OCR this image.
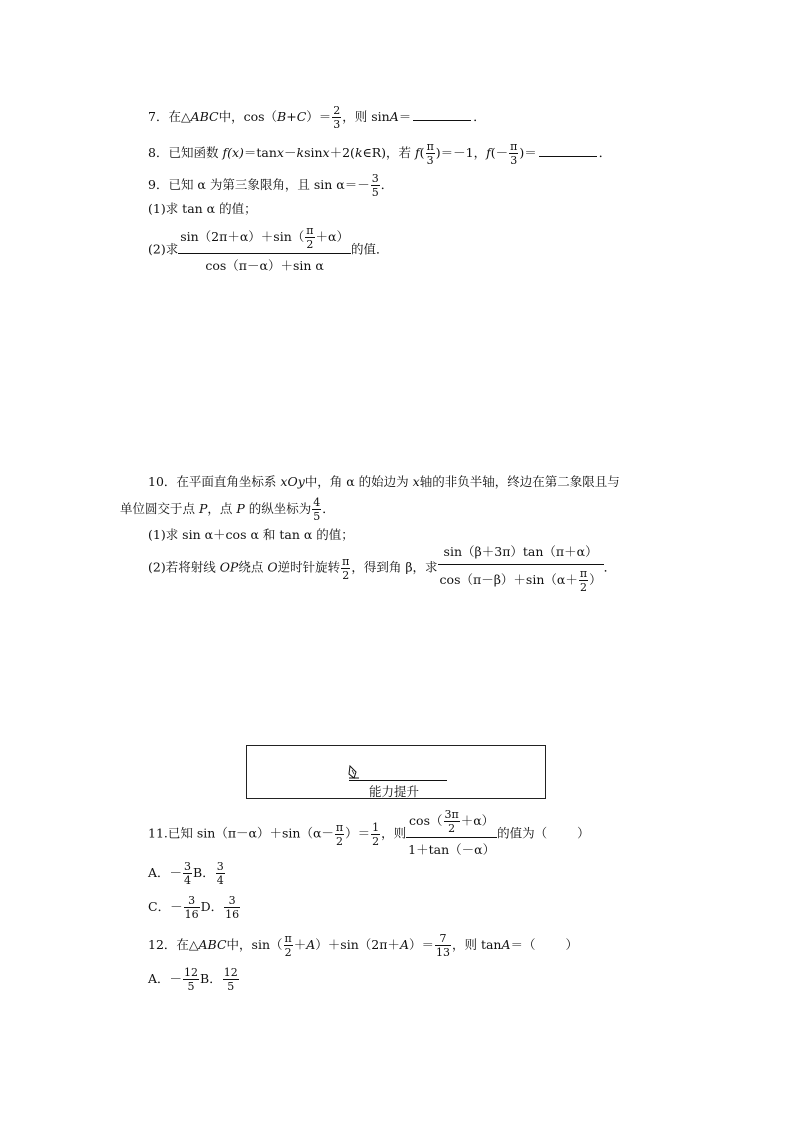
7．在△ABC中，$\cos(B+C)= \frac{2}{3}$ ，则 sinA＝	．
8．已知函数 f(x)＝tanx－ksinx＋2(k∈R)，若 $f( \frac{\pi}{3} )=-1$，$f(- \frac{\pi}{3}$ )＝	．
9．已知 α 为第三象限角，且 $\sin \alpha=- \frac{3}{5}$ ．
(1)求 tan α 的值；
(2)求 $\frac{\sin(2\pi+\alpha)+\sin( \frac{\pi}{2} +\alpha)}{\text{cos（π－α）＋sin α}}$ 的值．
10．在平面直角坐标系 xOy中，角 α 的始边为 x轴的非负半轴，终边在第二象限且与
单位圆交于点 P，点 P 的纵坐标为 $\frac{4}{5}$ ．
(1)求 sin α＋cos α 和 tan α 的值；
(2)若将射线 OP绕点 O逆时针旋转 $\frac{\pi}{2}$ ，得到角 β，求 $\frac{\sin(\beta+3\pi)\tan(\pi+\alpha)}{\cos(\pi-\beta)+\sin(\alpha+ \frac{\pi}{2} )}$ ．
能力提升
11.已知 $\sin(\pi-\alpha)+\sin(\alpha- \frac{\pi}{2}$ ）＝ $\frac{1}{2}$ ，则 $\frac{\cos( \frac{3\pi}{2} +\alpha)}{1+\tan(-\alpha)}$ 的值为（ ）
A．－ $\frac{3}{4}$ B． $\frac{3}{4}$
C．－ $\frac{3}{16}$ D． $\frac{3}{16}$
12．在△ABC中，$\sin( \frac{\pi}{2} +A)+\sin(2\pi+A)= \frac{7}{13}$ ，则 tanA＝（ ）
A．－ $\frac{12}{5}$ B． $\frac{12}{5}$
